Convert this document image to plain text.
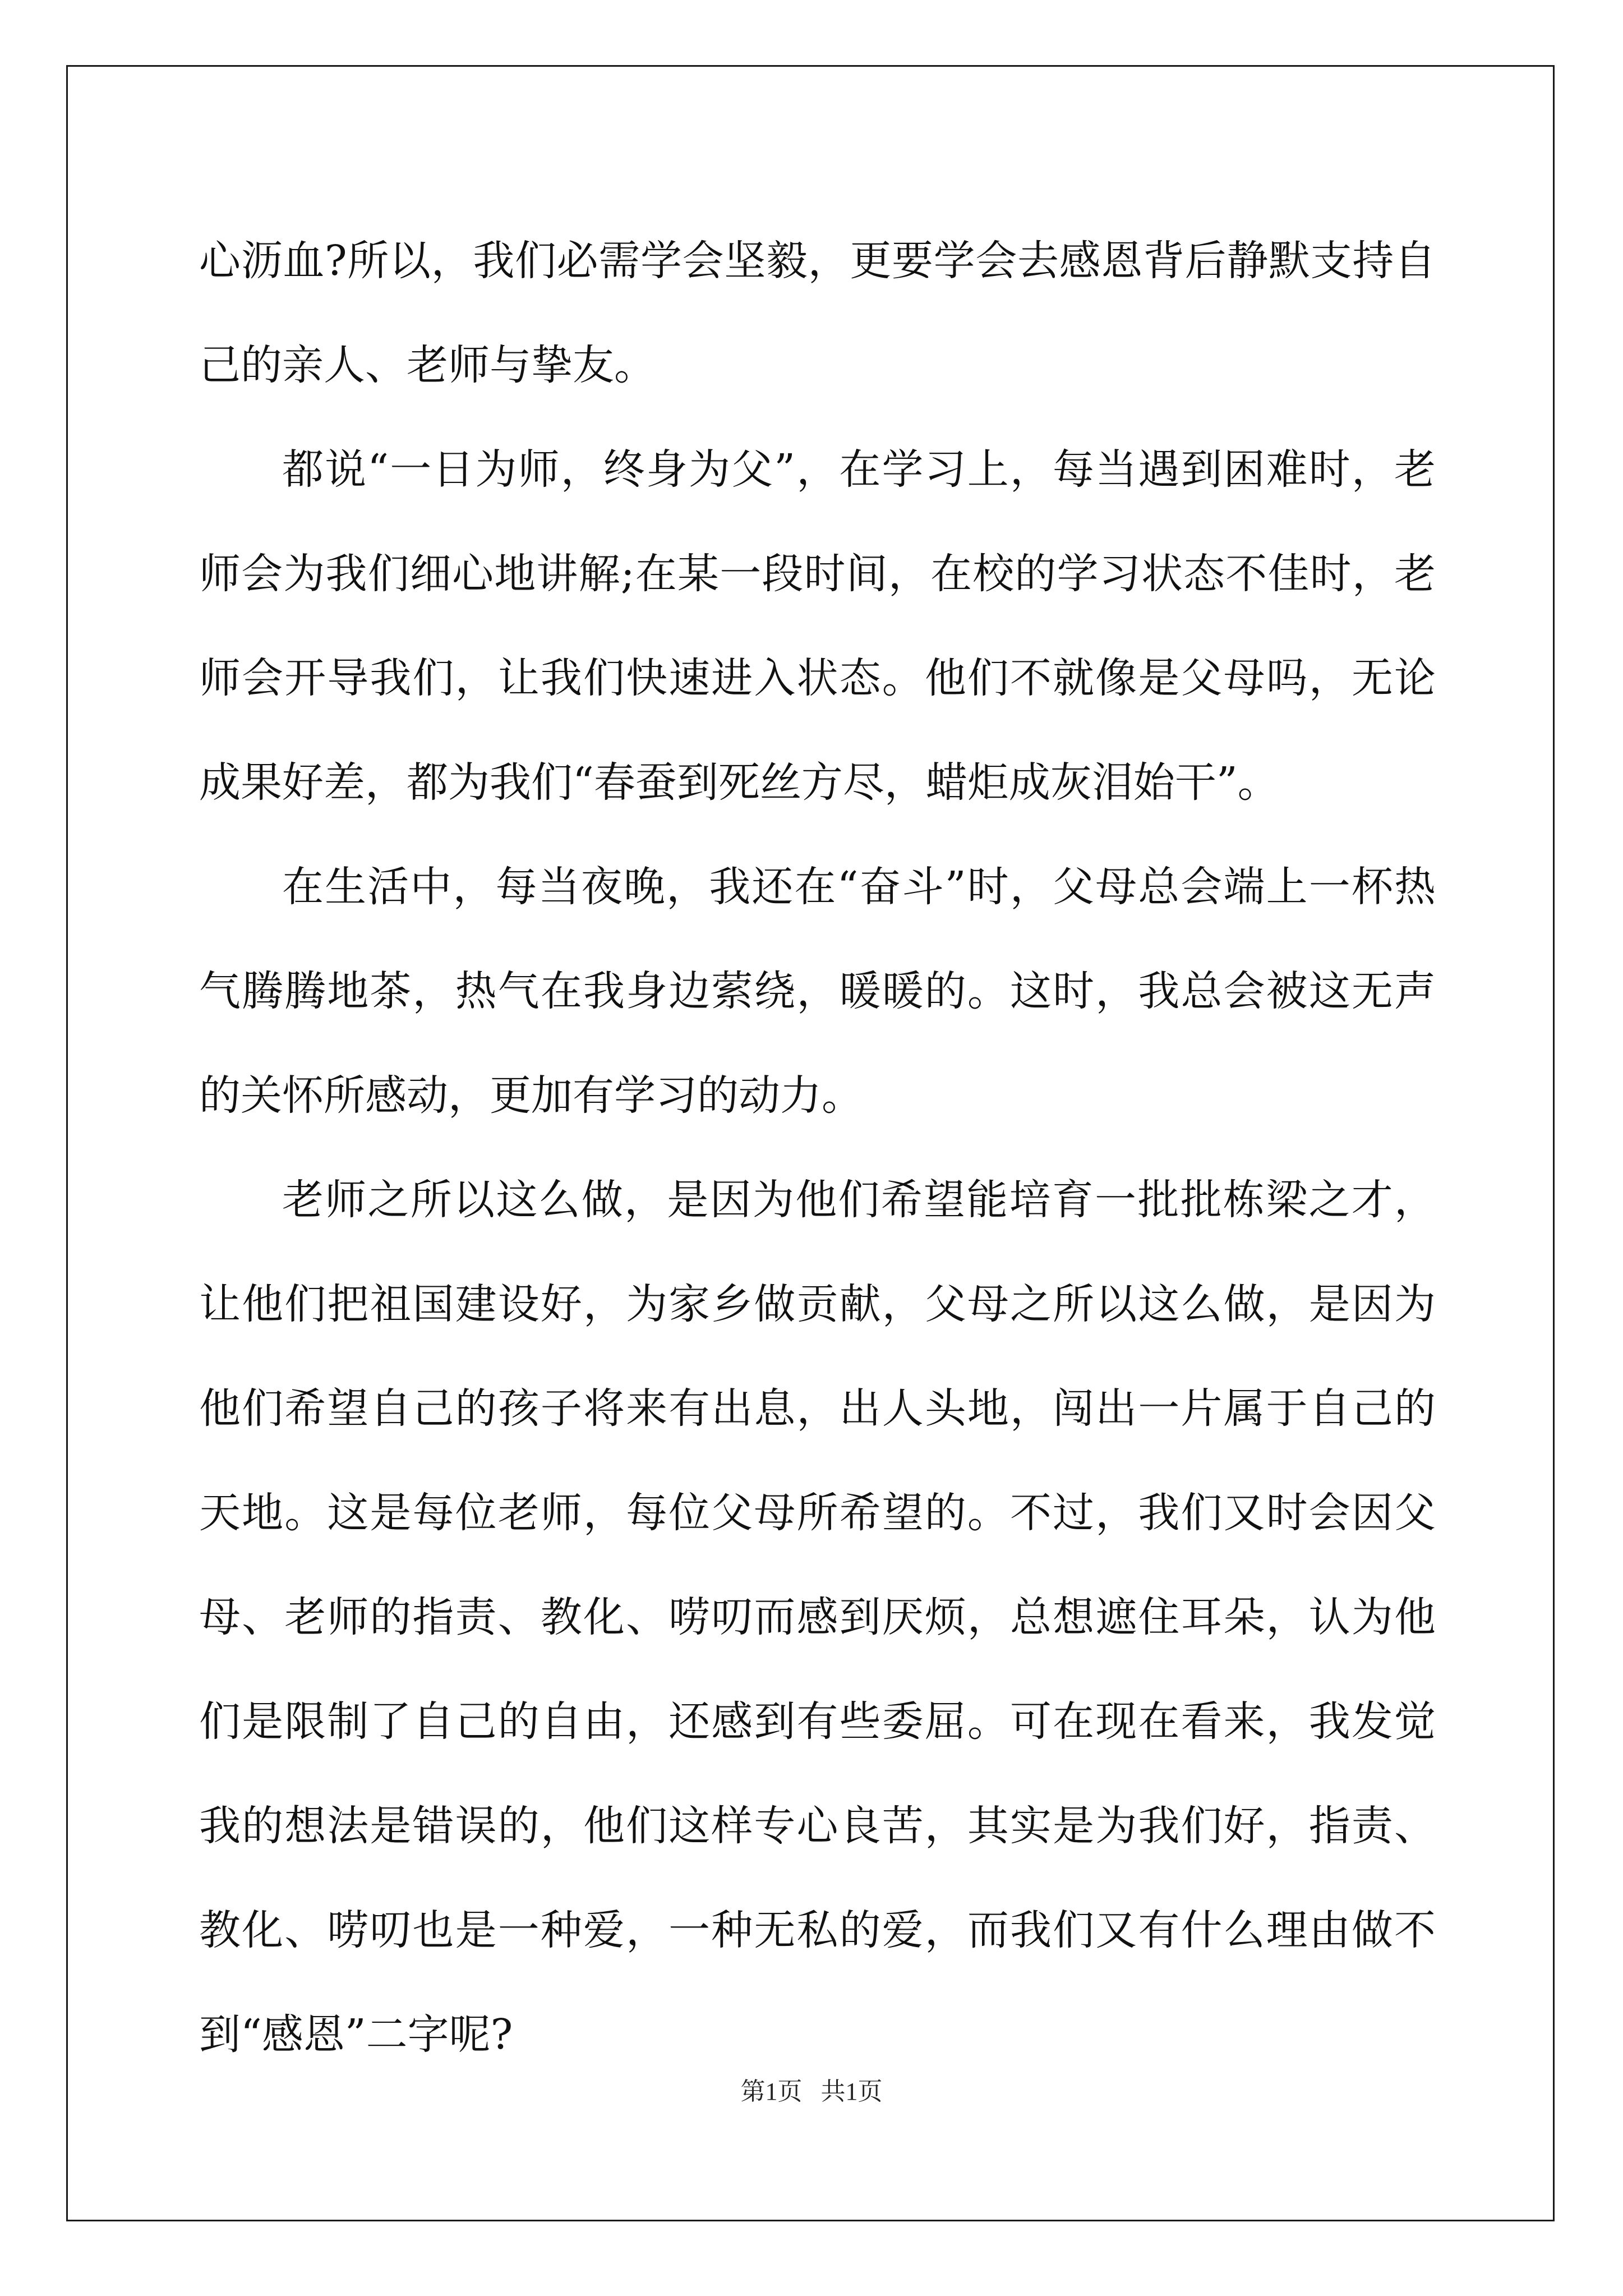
心沥血?所以，我们必需学会坚毅，更要学会去感恩背后静默支持自己的亲人、老师与挚友。

都说“一日为师，终身为父”，在学习上，每当遇到困难时，老师会为我们细心地讲解;在某一段时间，在校的学习状态不佳时，老师会开导我们，让我们快速进入状态。他们不就像是父母吗，无论成果好差，都为我们“春蚕到死丝方尽，蜡炬成灰泪始干”。

在生活中，每当夜晚，我还在“奋斗”时，父母总会端上一杯热气腾腾地茶，热气在我身边萦绕，暖暖的。这时，我总会被这无声的关怀所感动，更加有学习的动力。

老师之所以这么做，是因为他们希望能培育一批批栋梁之才，让他们把祖国建设好，为家乡做贡献，父母之所以这么做，是因为他们希望自己的孩子将来有出息，出人头地，闯出一片属于自己的天地。这是每位老师，每位父母所希望的。不过，我们又时会因父母、老师的指责、教化、唠叨而感到厌烦，总想遮住耳朵，认为他们是限制了自己的自由，还感到有些委屈。可在现在看来，我发觉我的想法是错误的，他们这样专心良苦，其实是为我们好，指责、教化、唠叨也是一种爱，一种无私的爱，而我们又有什么理由做不到“感恩”二字呢?

第1页   共1页
